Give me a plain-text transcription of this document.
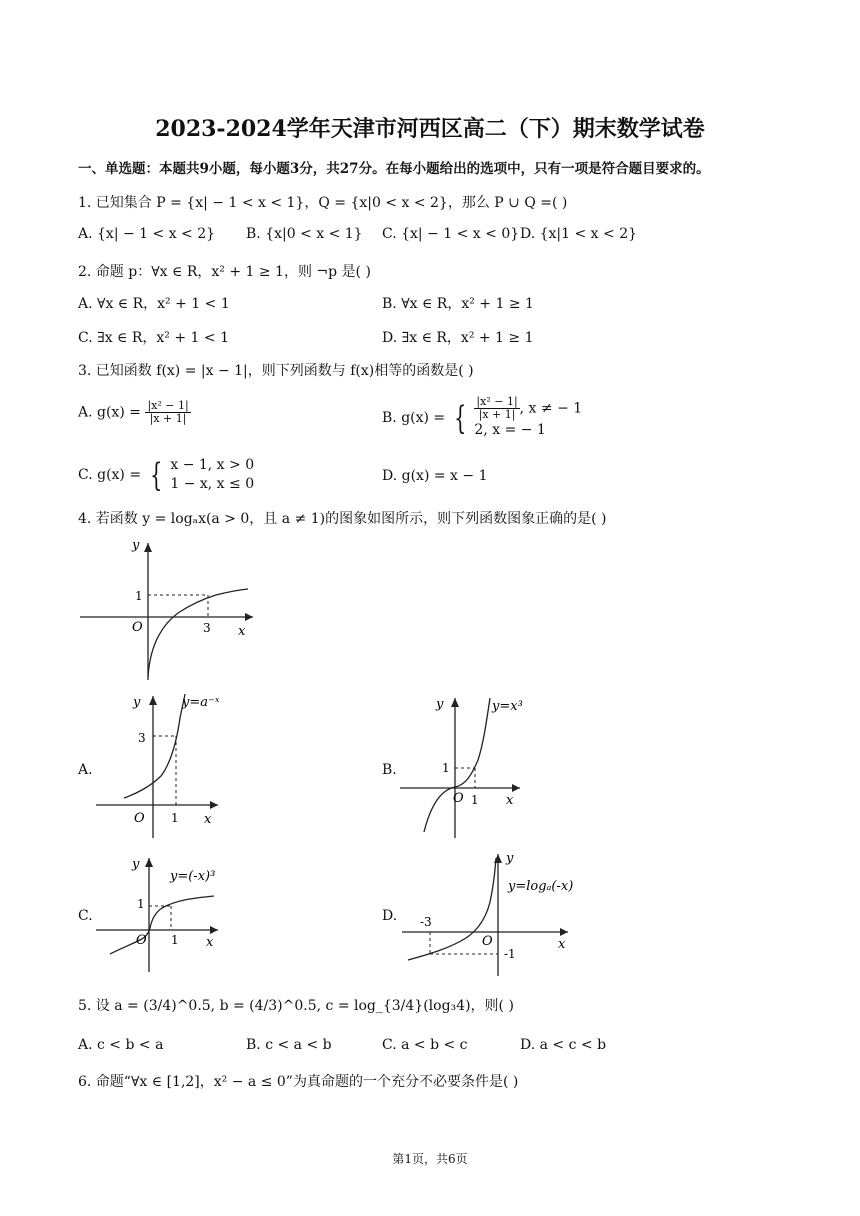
2023-2024学年天津市河西区高二（下）期末数学试卷
一、单选题：本题共9小题，每小题3分，共27分。在每小题给出的选项中，只有一项是符合题目要求的。
1. 已知集合 P = {x| − 1 < x < 1}，Q = {x|0 < x < 2}，那么 P ∪ Q =( )
A. {x| − 1 < x < 2} B. {x|0 < x < 1} C. {x| − 1 < x < 0} D. {x|1 < x < 2}
2. 命题 p：∀x ∈ R，x² + 1 ≥ 1，则 ¬p 是( )
A. ∀x ∈ R，x² + 1 < 1	B. ∀x ∈ R，x² + 1 ≥ 1
C. ∃x ∈ R，x² + 1 < 1	D. ∃x ∈ R，x² + 1 ≥ 1
3. 已知函数 f(x) = |x − 1|，则下列函数与 f(x)相等的函数是( )
A. $g(x) = \frac{\text{|x² − 1|}}{|x + 1|}$	B. g(x) = { $\frac{\text{|x² − 1|}}{|x + 1|}$ , x ≠ − 1
2, x = − 1
C. g(x) = { x − 1, x > 0
1 − x, x ≤ 0	D. g(x) = x − 1
4. 若函数 y = logₐx(a > 0，且 a ≠ 1)的图象如图所示，则下列函数图象正确的是( )
y
x
O
1
3
A.
y	y=a⁻ˣ
3
O 1 x
B.
y	y=x³
1
O 1 x
C.
y
y=(-x)³
1
O 1 x
D.
y
y=logₐ(-x)
-3
O
-1
x
5. 设 a = (3/4)^0.5, b = (4/3)^0.5, c = log_{3/4}(log₃4)，则( )
A. c < b < a	B. c < a < b	C. a < b < c	D. a < c < b
6. 命题“∀x ∈ [1,2]，x² − a ≤ 0”为真命题的一个充分不必要条件是( )
第1页，共6页
